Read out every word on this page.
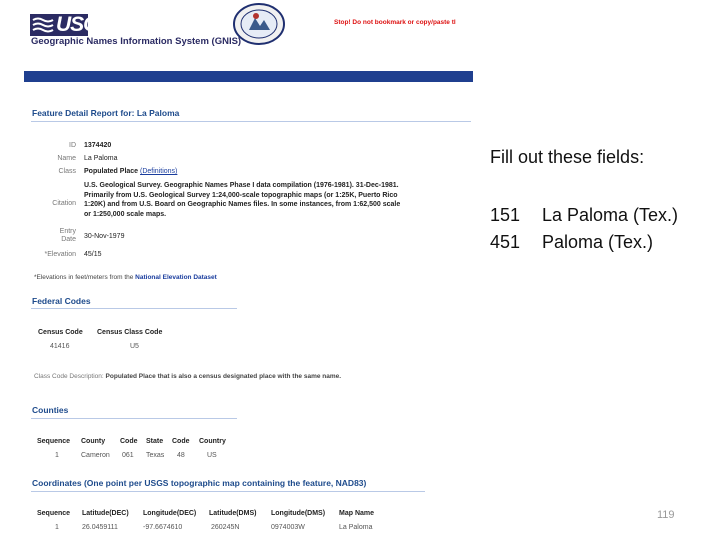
USGS
Geographic Names Information System (GNIS)
Stop! Do not bookmark or copy/paste tl
Feature Detail Report for: La Paloma
ID 1374420
Name La Paloma
Class Populated Place (Definitions)
Citation
U.S. Geological Survey. Geographic Names Phase I data compilation (1976-1981). 31-Dec-1981.
Primarily from U.S. Geological Survey 1:24,000-scale topographic maps (or 1:25K, Puerto Rico
1:20K) and from U.S. Board on Geographic Names files. In some instances, from 1:62,500 scale
or 1:250,000 scale maps.
Entry
Date 30-Nov-1979
*Elevation 45/15
*Elevations in feet/meters from the National Elevation Dataset
Federal Codes
Census Code Census Class Code
41416	U5
Class Code Description: Populated Place that is also a census designated place with the same name.
Counties
Sequence County Code State Code Country
1	Cameron 061 Texas 48	US
Coordinates (One point per USGS topographic map containing the feature, NAD83)
Sequence Latitude(DEC) Longitude(DEC) Latitude(DMS) Longitude(DMS) Map Name
1	26.0459111	-97.6674610	260245N	0974003W	La Paloma
Fill out these fields:
151 La Paloma (Tex.)
451 Paloma (Tex.)
119
